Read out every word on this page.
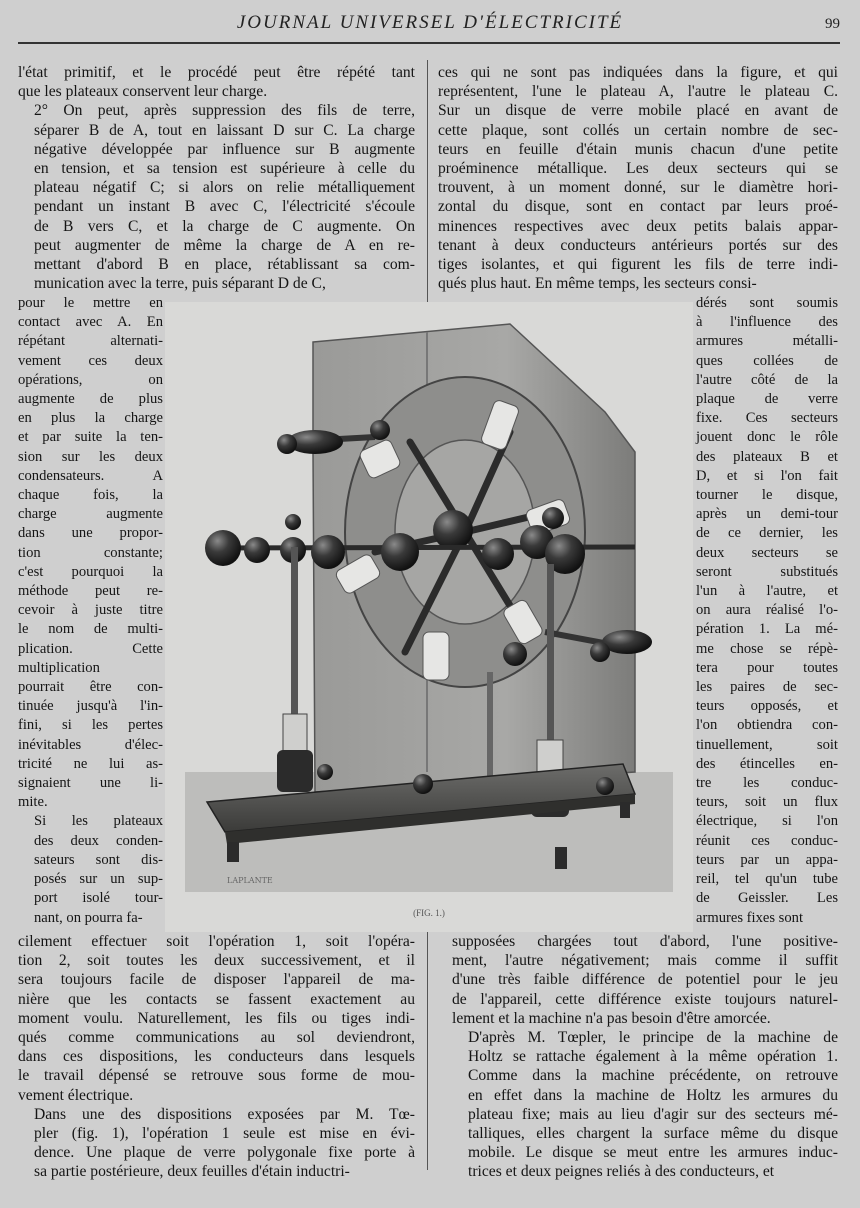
JOURNAL UNIVERSEL D'ÉLECTRICITÉ	99

l'état primitif, et le procédé peut être répété tant
que les plateaux conservent leur charge.

2° On peut, après suppression des fils de terre,
séparer B de A, tout en laissant D sur C. La charge
négative développée par influence sur B augmente
en tension, et sa tension est supérieure à celle du
plateau négatif C; si alors on relie métalliquement
pendant un instant B avec C, l'électricité s'écoule
de B vers C, et la charge de C augmente. On
peut augmenter de même la charge de A en re-
mettant d'abord B en place, rétablissant sa com-
munication avec la terre, puis séparant D de C,

pour le mettre en
contact avec A. En
répétant alternati-
vement ces deux
opérations, on
augmente de plus
en plus la charge
et par suite la ten-
sion sur les deux
condensateurs. A
chaque fois, la
charge augmente
dans une propor-
tion constante;
c'est pourquoi la
méthode peut re-
cevoir à juste titre
le nom de multi-
plication. Cette
multiplication
pourrait être con-
tinuée jusqu'à l'in-
fini, si les pertes
inévitables d'élec-
tricité ne lui as-
signaient une li-
mite.

Si les plateaux
des deux conden-
sateurs sont dis-
posés sur un sup-
port isolé tour-
nant, on pourra fa-

cilement effectuer soit l'opération 1, soit l'opéra-
tion 2, soit toutes les deux successivement, et il
sera toujours facile de disposer l'appareil de ma-
nière que les contacts se fassent exactement au
moment voulu. Naturellement, les fils ou tiges indi-
qués comme communications au sol deviendront,
dans ces dispositions, les conducteurs dans lesquels
le travail dépensé se retrouve sous forme de mou-
vement électrique.

Dans une des dispositions exposées par M. Tœ-
pler (fig. 1), l'opération 1 seule est mise en évi-
dence. Une plaque de verre polygonale fixe porte à
sa partie postérieure, deux feuilles d'étain inductri-

ces qui ne sont pas indiquées dans la figure, et qui
représentent, l'une le plateau A, l'autre le plateau C.
Sur un disque de verre mobile placé en avant de
cette plaque, sont collés un certain nombre de sec-
teurs en feuille d'étain munis chacun d'une petite
proéminence métallique. Les deux secteurs qui se
trouvent, à un moment donné, sur le diamètre hori-
zontal du disque, sont en contact par leurs proé-
minences respectives avec deux petits balais appar-
tenant à deux conducteurs antérieurs portés sur des
tiges isolantes, et qui figurent les fils de terre indi-
qués plus haut. En même temps, les secteurs consi-

dérés sont soumis
à l'influence des
armures métalli-
ques collées de
l'autre côté de la
plaque de verre
fixe. Ces secteurs
jouent donc le rôle
des plateaux B et
D, et si l'on fait
tourner le disque,
après un demi-tour
de ce dernier, les
deux secteurs se
seront substitués
l'un à l'autre, et
on aura réalisé l'o-
pération 1. La mé-
me chose se répè-
tera pour toutes
les paires de sec-
teurs opposés, et
l'on obtiendra con-
tinuellement, soit
des étincelles en-
tre les conduc-
teurs, soit un flux
électrique, si l'on
réunit ces conduc-
teurs par un appa-
reil, tel qu'un tube
de Geissler. Les
armures fixes sont

supposées chargées tout d'abord, l'une positive-
ment, l'autre négativement; mais comme il suffit
d'une très faible différence de potentiel pour le jeu
de l'appareil, cette différence existe toujours naturel-
lement et la machine n'a pas besoin d'être amorcée.

D'après M. Tœpler, le principe de la machine de
Holtz se rattache également à la même opération 1.
Comme dans la machine précédente, on retrouve
en effet dans la machine de Holtz les armures du
plateau fixe; mais au lieu d'agir sur des secteurs mé-
talliques, elles chargent la surface même du disque
mobile. Le disque se meut entre les armures induc-
trices et deux peignes reliés à des conducteurs, et

LAPLANTE
(FIG. 1.)
